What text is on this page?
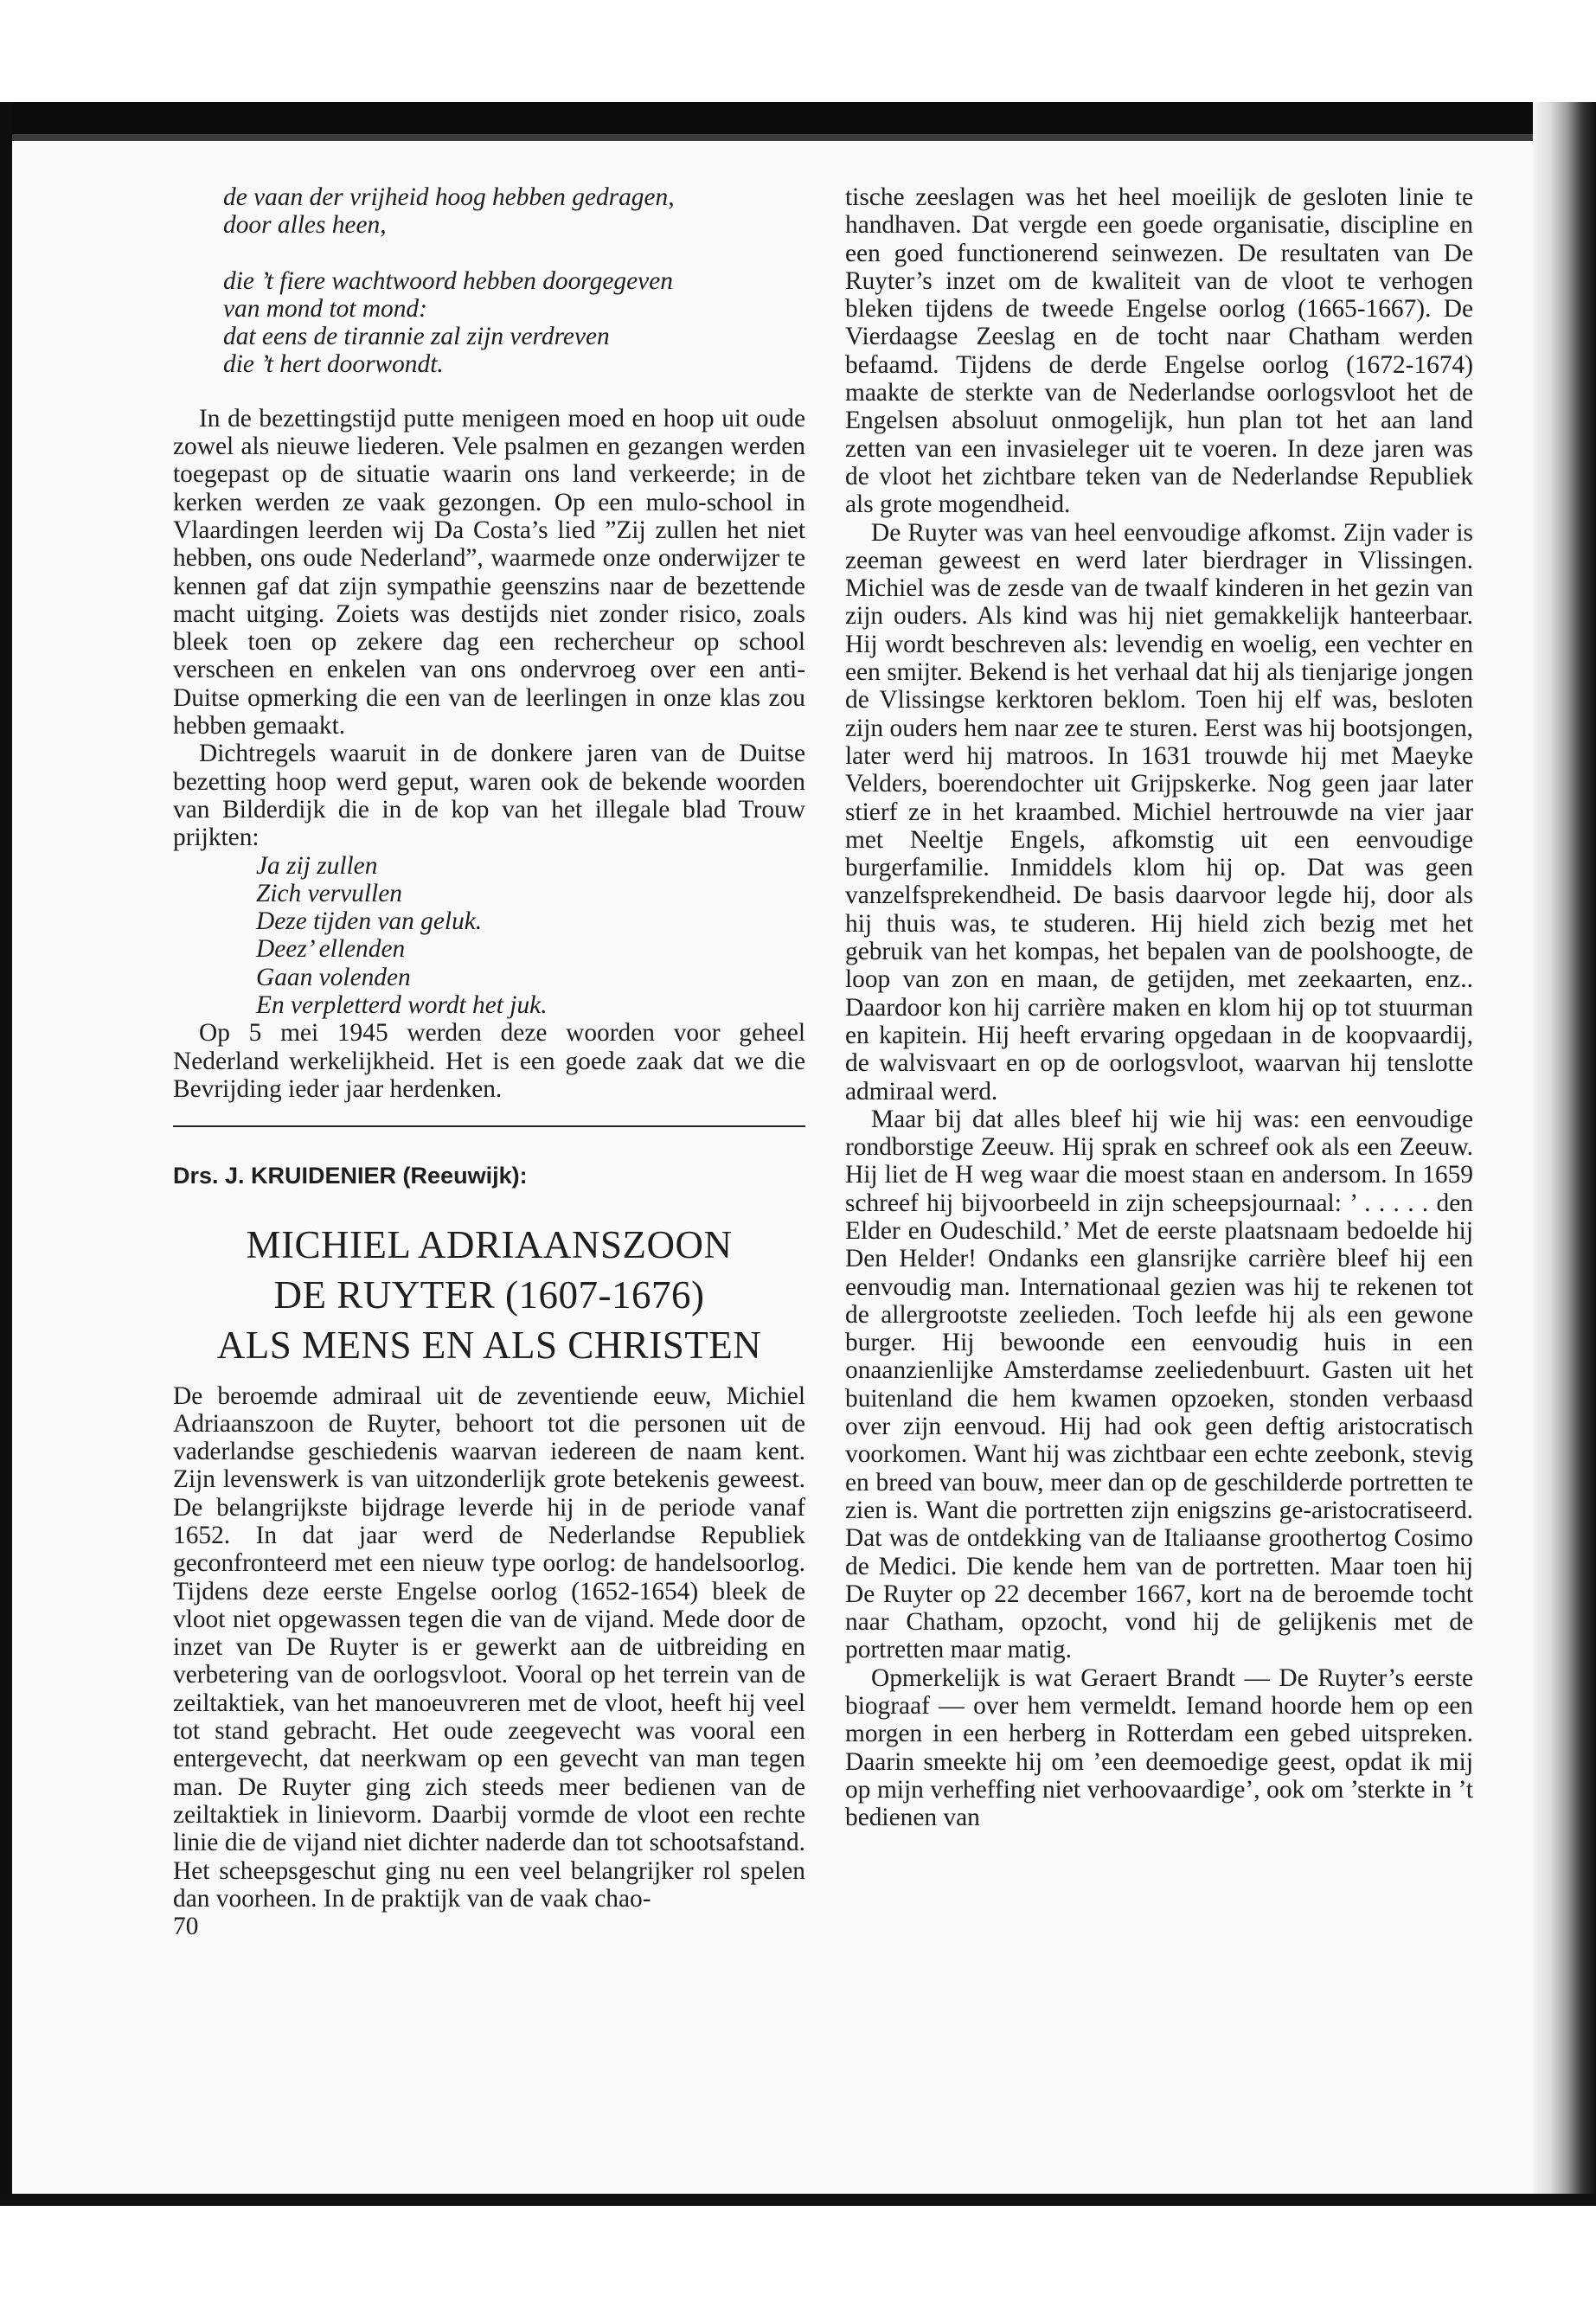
de vaan der vrijheid hoog hebben gedragen,
door alles heen,
die ’t fiere wachtwoord hebben doorgegeven
van mond tot mond:
dat eens de tirannie zal zijn verdreven
die ’t hert doorwondt.

In de bezettingstijd putte menigeen moed en hoop uit oude zowel als nieuwe liederen. Vele psalmen en gezangen werden toegepast op de situatie waarin ons land verkeerde; in de kerken werden ze vaak gezongen. Op een mulo-school in Vlaardingen leerden wij Da Costa’s lied ”Zij zullen het niet hebben, ons oude Nederland”, waarmede onze onderwijzer te kennen gaf dat zijn sympathie geenszins naar de bezettende macht uitging. Zoiets was destijds niet zonder risico, zoals bleek toen op zekere dag een rechercheur op school verscheen en enkelen van ons ondervroeg over een anti-Duitse opmerking die een van de leerlingen in onze klas zou hebben gemaakt.

Dichtregels waaruit in de donkere jaren van de Duitse bezetting hoop werd geput, waren ook de bekende woorden van Bilderdijk die in de kop van het illegale blad Trouw prijkten:

Ja zij zullen
Zich vervullen
Deze tijden van geluk.
Deez’ ellenden
Gaan volenden
En verpletterd wordt het juk.

Op 5 mei 1945 werden deze woorden voor geheel Nederland werkelijkheid. Het is een goede zaak dat we die Bevrijding ieder jaar herdenken.

Drs. J. KRUIDENIER (Reeuwijk):

MICHIEL ADRIAANSZOON
DE RUYTER (1607-1676)
ALS MENS EN ALS CHRISTEN

De beroemde admiraal uit de zeventiende eeuw, Michiel Adriaanszoon de Ruyter, behoort tot die personen uit de vaderlandse geschiedenis waarvan iedereen de naam kent. Zijn levenswerk is van uitzonderlijk grote betekenis geweest. De belangrijkste bijdrage leverde hij in de periode vanaf 1652. In dat jaar werd de Nederlandse Republiek geconfronteerd met een nieuw type oorlog: de handelsoorlog. Tijdens deze eerste Engelse oorlog (1652-1654) bleek de vloot niet opgewassen tegen die van de vijand. Mede door de inzet van De Ruyter is er gewerkt aan de uitbreiding en verbetering van de oorlogsvloot. Vooral op het terrein van de zeiltaktiek, van het manoeuvreren met de vloot, heeft hij veel tot stand gebracht. Het oude zeegevecht was vooral een entergevecht, dat neerkwam op een gevecht van man tegen man. De Ruyter ging zich steeds meer bedienen van de zeiltaktiek in linievorm. Daarbij vormde de vloot een rechte linie die de vijand niet dichter naderde dan tot schootsafstand. Het scheepsgeschut ging nu een veel belangrijker rol spelen dan voorheen. In de praktijk van de vaak chao-

70

tische zeeslagen was het heel moeilijk de gesloten linie te handhaven. Dat vergde een goede organisatie, discipline en een goed functionerend seinwezen. De resultaten van De Ruyter’s inzet om de kwaliteit van de vloot te verhogen bleken tijdens de tweede Engelse oorlog (1665-1667). De Vierdaagse Zeeslag en de tocht naar Chatham werden befaamd. Tijdens de derde Engelse oorlog (1672-1674) maakte de sterkte van de Nederlandse oorlogsvloot het de Engelsen absoluut onmogelijk, hun plan tot het aan land zetten van een invasieleger uit te voeren. In deze jaren was de vloot het zichtbare teken van de Nederlandse Republiek als grote mogendheid.

De Ruyter was van heel eenvoudige afkomst. Zijn vader is zeeman geweest en werd later bierdrager in Vlissingen. Michiel was de zesde van de twaalf kinderen in het gezin van zijn ouders. Als kind was hij niet gemakkelijk hanteerbaar. Hij wordt beschreven als: levendig en woelig, een vechter en een smijter. Bekend is het verhaal dat hij als tienjarige jongen de Vlissingse kerktoren beklom. Toen hij elf was, besloten zijn ouders hem naar zee te sturen. Eerst was hij bootsjongen, later werd hij matroos. In 1631 trouwde hij met Maeyke Velders, boerendochter uit Grijpskerke. Nog geen jaar later stierf ze in het kraambed. Michiel hertrouwde na vier jaar met Neeltje Engels, afkomstig uit een eenvoudige burgerfamilie. Inmiddels klom hij op. Dat was geen vanzelfsprekendheid. De basis daarvoor legde hij, door als hij thuis was, te studeren. Hij hield zich bezig met het gebruik van het kompas, het bepalen van de poolshoogte, de loop van zon en maan, de getijden, met zeekaarten, enz.. Daardoor kon hij carrière maken en klom hij op tot stuurman en kapitein. Hij heeft ervaring opgedaan in de koopvaardij, de walvisvaart en op de oorlogsvloot, waarvan hij tenslotte admiraal werd.

Maar bij dat alles bleef hij wie hij was: een eenvoudige rondborstige Zeeuw. Hij sprak en schreef ook als een Zeeuw. Hij liet de H weg waar die moest staan en andersom. In 1659 schreef hij bijvoorbeeld in zijn scheepsjournaal: ’ . . . . . den Elder en Oudeschild.’ Met de eerste plaatsnaam bedoelde hij Den Helder! Ondanks een glansrijke carrière bleef hij een eenvoudig man. Internationaal gezien was hij te rekenen tot de allergrootste zeelieden. Toch leefde hij als een gewone burger. Hij bewoonde een eenvoudig huis in een onaanzienlijke Amsterdamse zeeliedenbuurt. Gasten uit het buitenland die hem kwamen opzoeken, stonden verbaasd over zijn eenvoud. Hij had ook geen deftig aristocratisch voorkomen. Want hij was zichtbaar een echte zeebonk, stevig en breed van bouw, meer dan op de geschilderde portretten te zien is. Want die portretten zijn enigszins ge-aristocratiseerd. Dat was de ontdekking van de Italiaanse groothertog Cosimo de Medici. Die kende hem van de portretten. Maar toen hij De Ruyter op 22 december 1667, kort na de beroemde tocht naar Chatham, opzocht, vond hij de gelijkenis met de portretten maar matig.

Opmerkelijk is wat Geraert Brandt — De Ruyter’s eerste biograaf — over hem vermeldt. Iemand hoorde hem op een morgen in een herberg in Rotterdam een gebed uitspreken. Daarin smeekte hij om ’een deemoedige geest, opdat ik mij op mijn verheffing niet verhoovaardige’, ook om ’sterkte in ’t bedienen van
